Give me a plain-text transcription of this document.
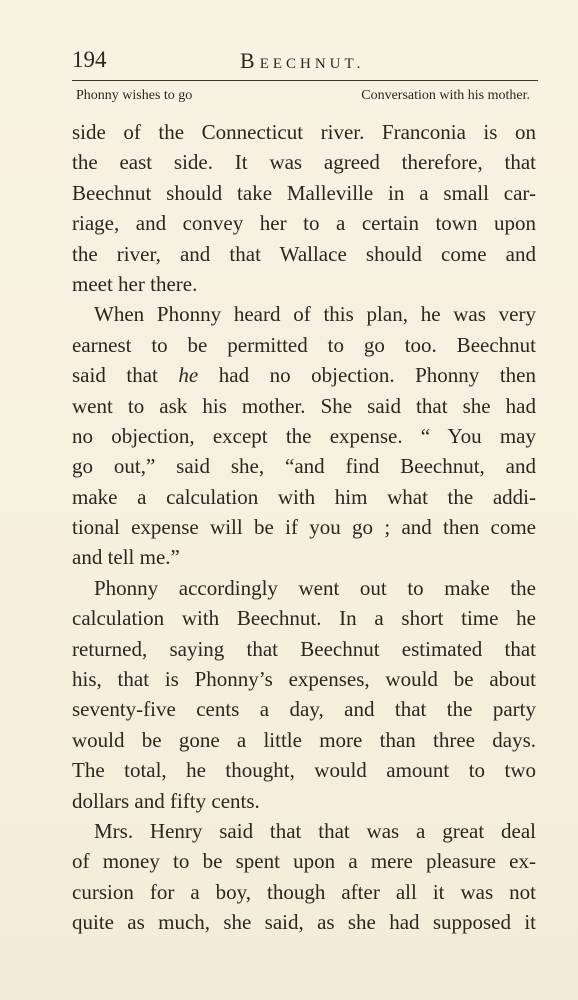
194	BEECHNUT.
Phonny wishes to go	Conversation with his mother.
side of the Connecticut river. Franconia is on
the east side. It was agreed therefore, that
Beechnut should take Malleville in a small car-
riage, and convey her to a certain town upon
the river, and that Wallace should come and
meet her there.
When Phonny heard of this plan, he was very
earnest to be permitted to go too. Beechnut
said that he had no objection. Phonny then
went to ask his mother. She said that she had
no objection, except the expense. “ You may
go out,” said she, “and find Beechnut, and
make a calculation with him what the addi-
tional expense will be if you go ; and then come
and tell me.”
Phonny accordingly went out to make the
calculation with Beechnut. In a short time he
returned, saying that Beechnut estimated that
his, that is Phonny’s expenses, would be about
seventy-five cents a day, and that the party
would be gone a little more than three days.
The total, he thought, would amount to two
dollars and fifty cents.
Mrs. Henry said that that was a great deal
of money to be spent upon a mere pleasure ex-
cursion for a boy, though after all it was not
quite as much, she said, as she had supposed it
